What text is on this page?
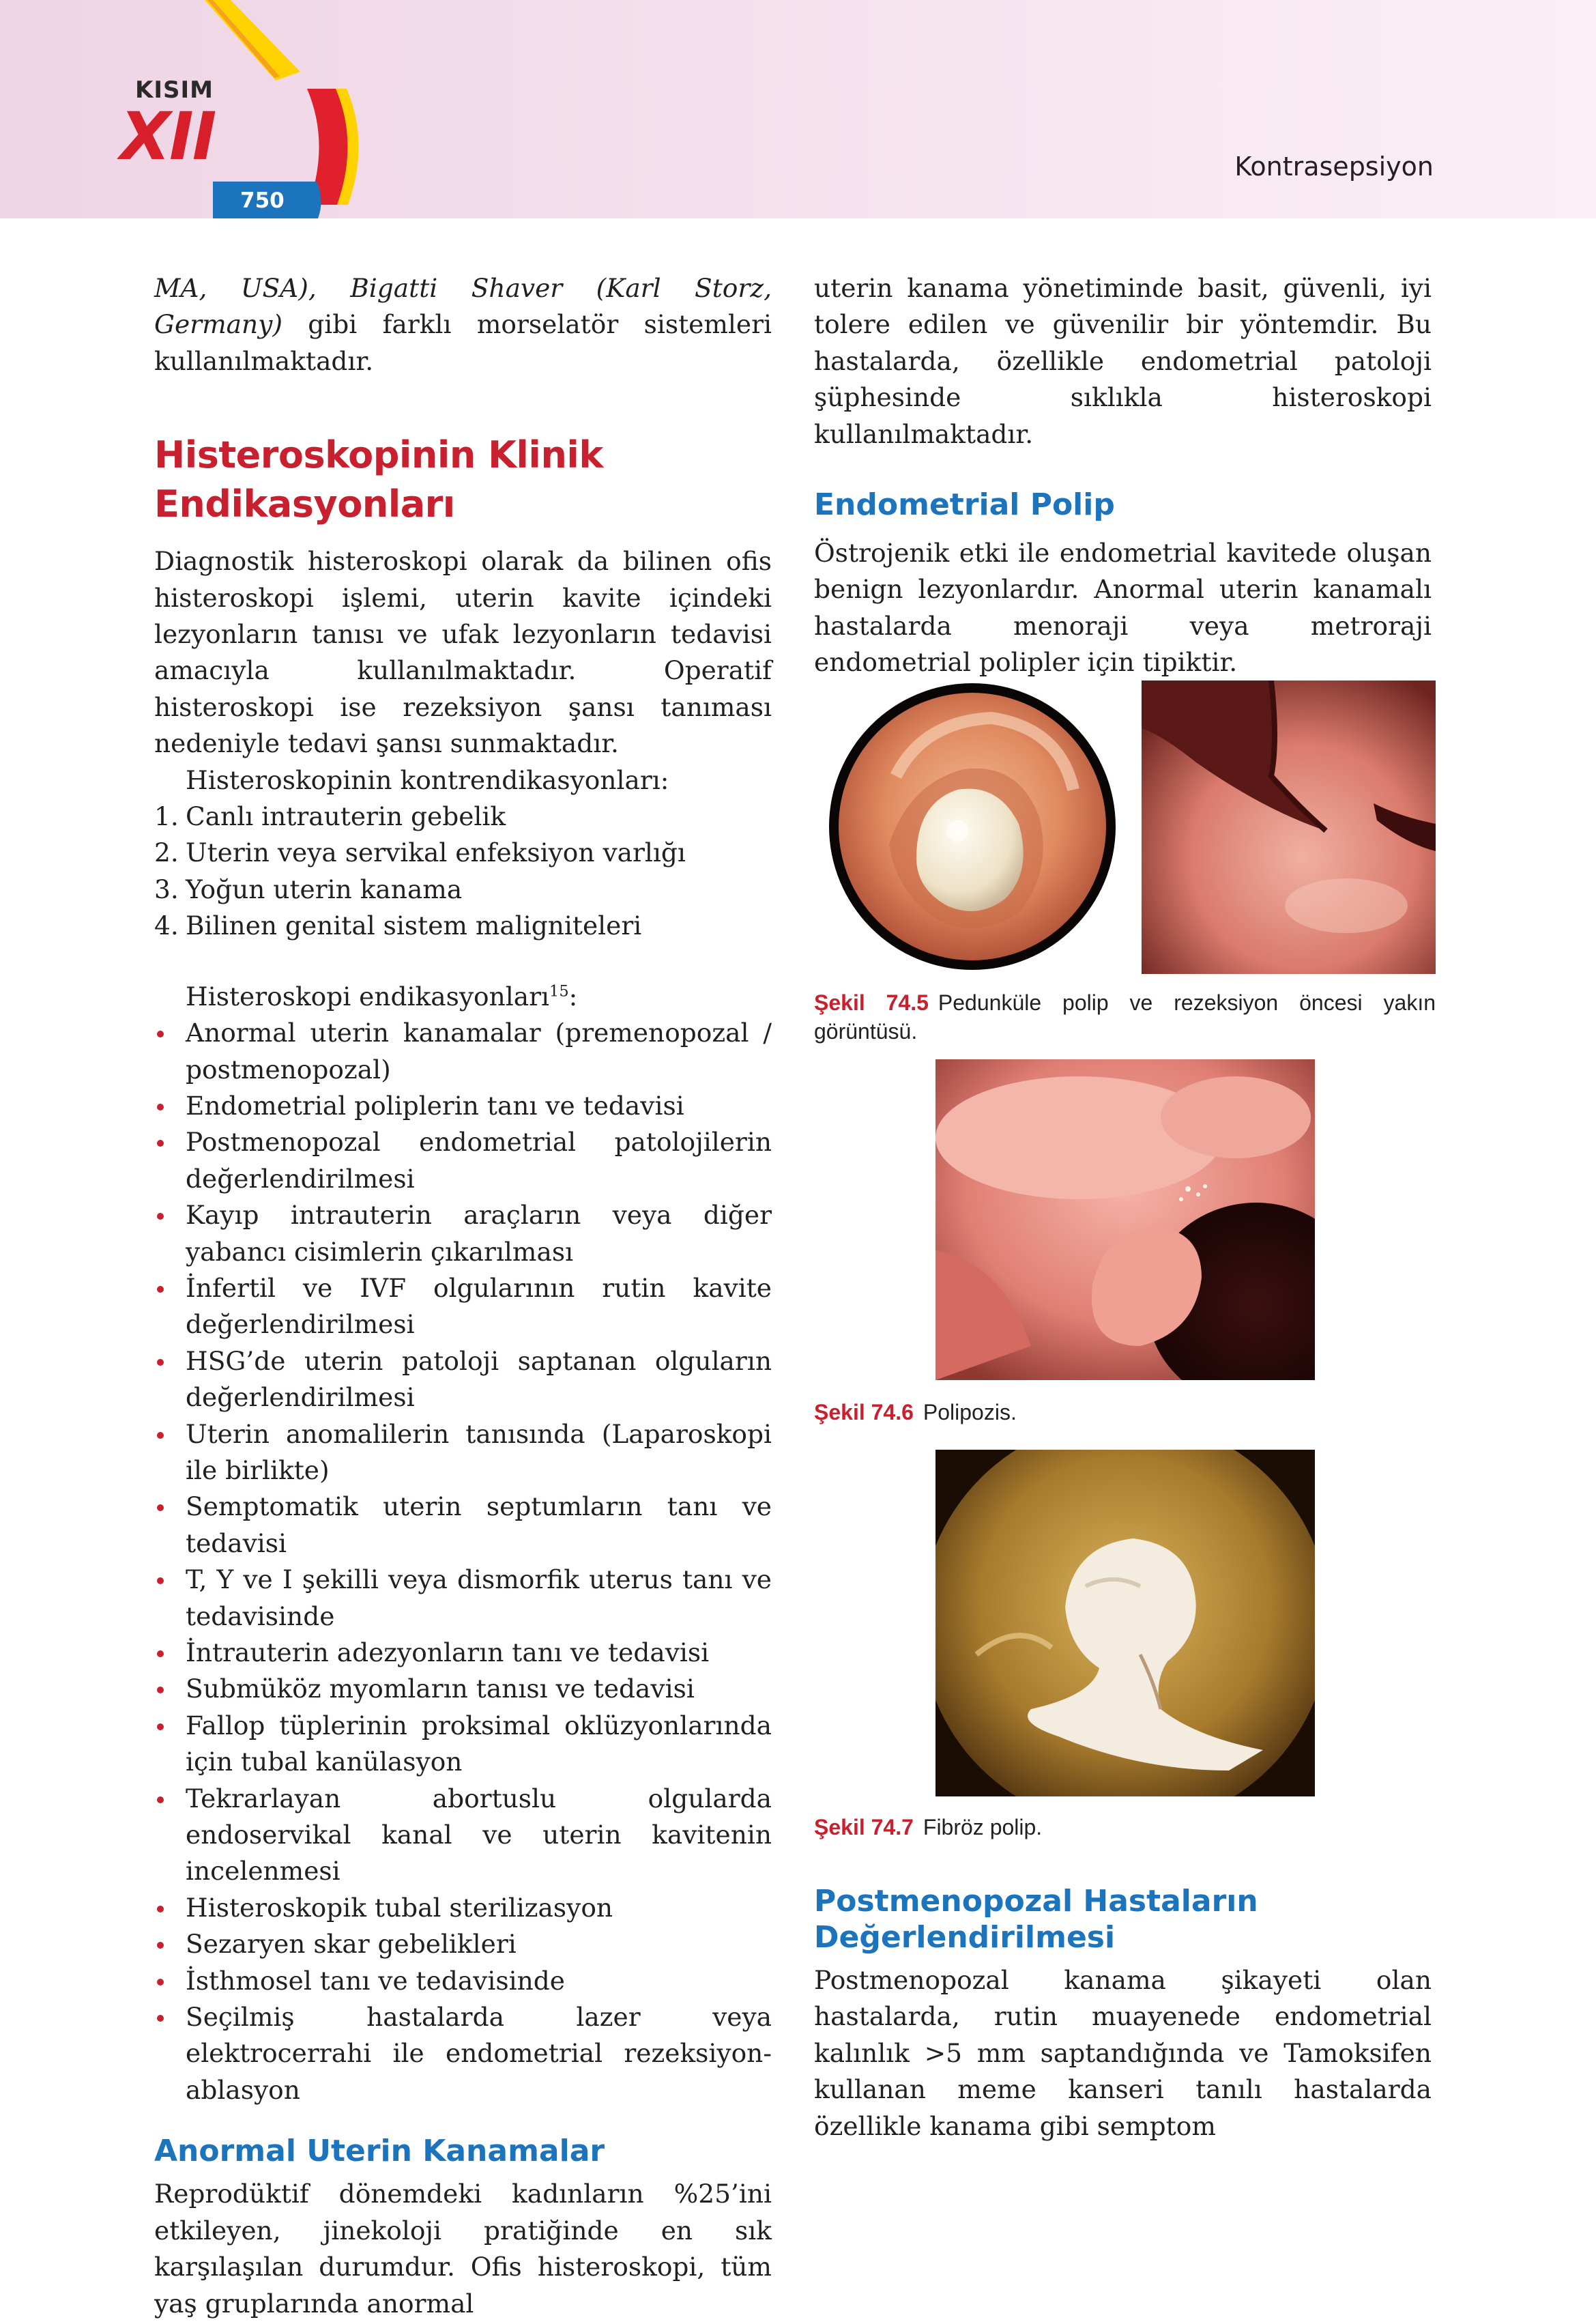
KISIM
XII
750
Kontrasepsiyon

MA, USA), Bigatti Shaver (Karl Storz, Germany) gibi farklı morselatör sistemleri kullanılmaktadır.

Histeroskopinin Klinik
Endikasyonları

Diagnostik histeroskopi olarak da bilinen ofis histeroskopi işlemi, uterin kavite içindeki lezyonların tanısı ve ufak lezyonların tedavisi amacıyla kullanılmaktadır. Operatif histeroskopi ise rezeksiyon şansı tanıması nedeniyle tedavi şansı sunmaktadır.

Histeroskopinin kontrendikasyonları:

1. Canlı intrauterin gebelik
2. Uterin veya servikal enfeksiyon varlığı
3. Yoğun uterin kanama
4. Bilinen genital sistem maligniteleri

Histeroskopi endikasyonları$^{15}$:

Anormal uterin kanamalar (premenopozal / postmenopozal)
Endometrial poliplerin tanı ve tedavisi
Postmenopozal endometrial patolojilerin değerlendirilmesi
Kayıp intrauterin araçların veya diğer yabancı cisimlerin çıkarılması
İnfertil ve IVF olgularının rutin kavite değerlendirilmesi
HSG’de uterin patoloji saptanan olguların değerlendirilmesi
Uterin anomalilerin tanısında (Laparoskopi ile birlikte)
Semptomatik uterin septumların tanı ve tedavisi
T, Y ve I şekilli veya dismorfik uterus tanı ve tedavisinde
İntrauterin adezyonların tanı ve tedavisi
Submüköz myomların tanısı ve tedavisi
Fallop tüplerinin proksimal oklüzyonlarında için tubal kanülasyon
Tekrarlayan abortuslu olgularda endoservikal kanal ve uterin kavitenin incelenmesi
Histeroskopik tubal sterilizasyon
Sezaryen skar gebelikleri
İsthmosel tanı ve tedavisinde
Seçilmiş hastalarda lazer veya elektrocerrahi ile endometrial rezeksiyon-ablasyon
Anormal Uterin Kanamalar

Reprodüktif dönemdeki kadınların %25’ini etkileyen, jinekoloji pratiğinde en sık karşılaşılan durumdur. Ofis histeroskopi, tüm yaş gruplarında anormal

uterin kanama yönetiminde basit, güvenli, iyi tolere edilen ve güvenilir bir yöntemdir. Bu hastalarda, özellikle endometrial patoloji şüphesinde sıklıkla histeroskopi kullanılmaktadır.

Endometrial Polip

Östrojenik etki ile endometrial kavitede oluşan benign lezyonlardır. Anormal uterin kanamalı hastalarda menoraji veya metroraji endometrial polipler için tipiktir.

Şekil 74.5 Pedunküle polip ve rezeksiyon öncesi yakın görüntüsü.
Şekil 74.6 Polipozis.
Şekil 74.7 Fibröz polip.
Postmenopozal Hastaların
Değerlendirilmesi

Postmenopozal kanama şikayeti olan hastalarda, rutin muayenede endometrial kalınlık >5 mm saptandığında ve Tamoksifen kullanan meme kanseri tanılı hastalarda özellikle kanama gibi semptom
